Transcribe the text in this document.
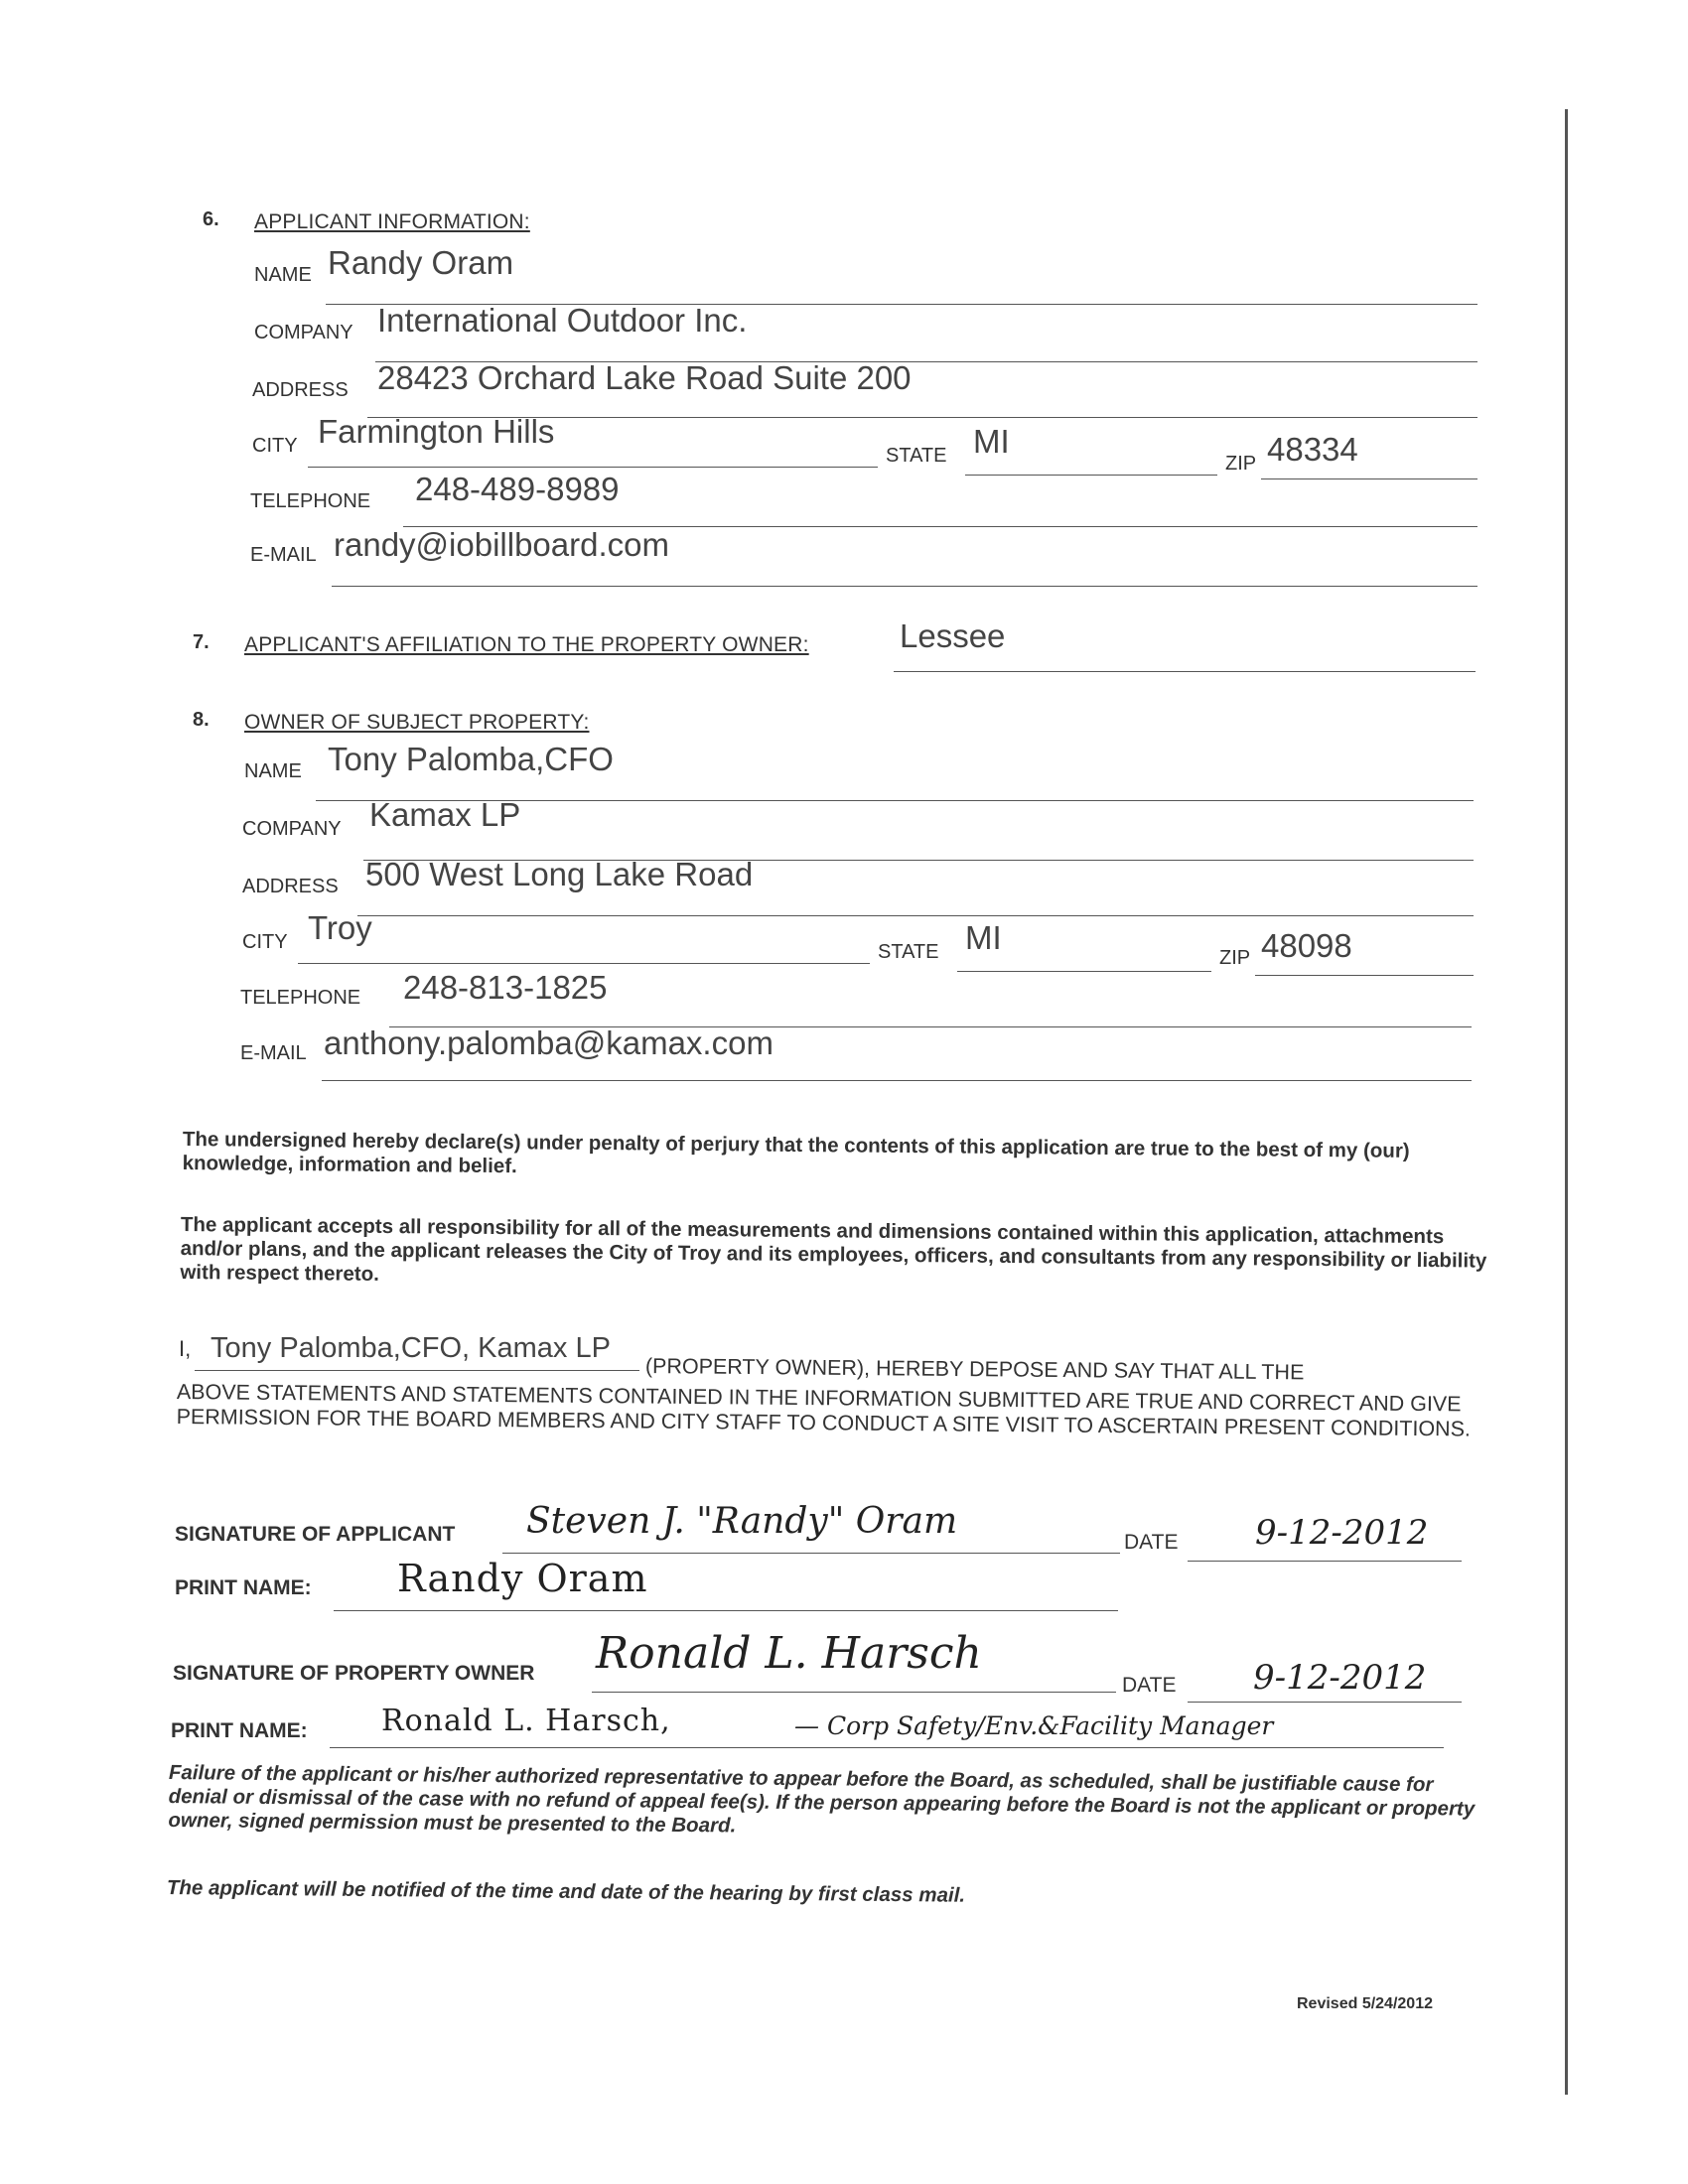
6. APPLICANT INFORMATION:
NAME Randy Oram
COMPANY International Outdoor Inc.
ADDRESS 28423 Orchard Lake Road Suite 200
CITY Farmington Hills
STATE MI
ZIP 48334
TELEPHONE 248-489-8989
E-MAIL randy@iobillboard.com
7. APPLICANT'S AFFILIATION TO THE PROPERTY OWNER:	Lessee
8. OWNER OF SUBJECT PROPERTY:
NAME Tony Palomba,CFO
COMPANY Kamax LP
ADDRESS 500 West Long Lake Road
CITY Troy
STATE MI
ZIP 48098
TELEPHONE 248-813-1825
E-MAIL anthony.palomba@kamax.com
The undersigned hereby declare(s) under penalty of perjury that the contents of this application are true to the best of my (our) knowledge, information and belief.
The applicant accepts all responsibility for all of the measurements and dimensions contained within this application, attachments and/or plans, and the applicant releases the City of Troy and its employees, officers, and consultants from any responsibility or liability with respect thereto.
I, Tony Palomba,CFO, Kamax LP
(PROPERTY OWNER), HEREBY DEPOSE AND SAY THAT ALL THE
ABOVE STATEMENTS AND STATEMENTS CONTAINED IN THE INFORMATION SUBMITTED ARE TRUE AND CORRECT AND GIVE PERMISSION FOR THE BOARD MEMBERS AND CITY STAFF TO CONDUCT A SITE VISIT TO ASCERTAIN PRESENT CONDITIONS.
SIGNATURE OF APPLICANT Steven J. "Randy" Oram
DATE 9-12-2012
PRINT NAME: Randy Oram
SIGNATURE OF PROPERTY OWNER Ronald L. Harsch
DATE 9-12-2012
PRINT NAME: Ronald L. Harsch,	— Corp Safety/Env.&Facility Manager
Failure of the applicant or his/her authorized representative to appear before the Board, as scheduled, shall be justifiable cause for denial or dismissal of the case with no refund of appeal fee(s). If the person appearing before the Board is not the applicant or property owner, signed permission must be presented to the Board.
The applicant will be notified of the time and date of the hearing by first class mail.
Revised 5/24/2012
